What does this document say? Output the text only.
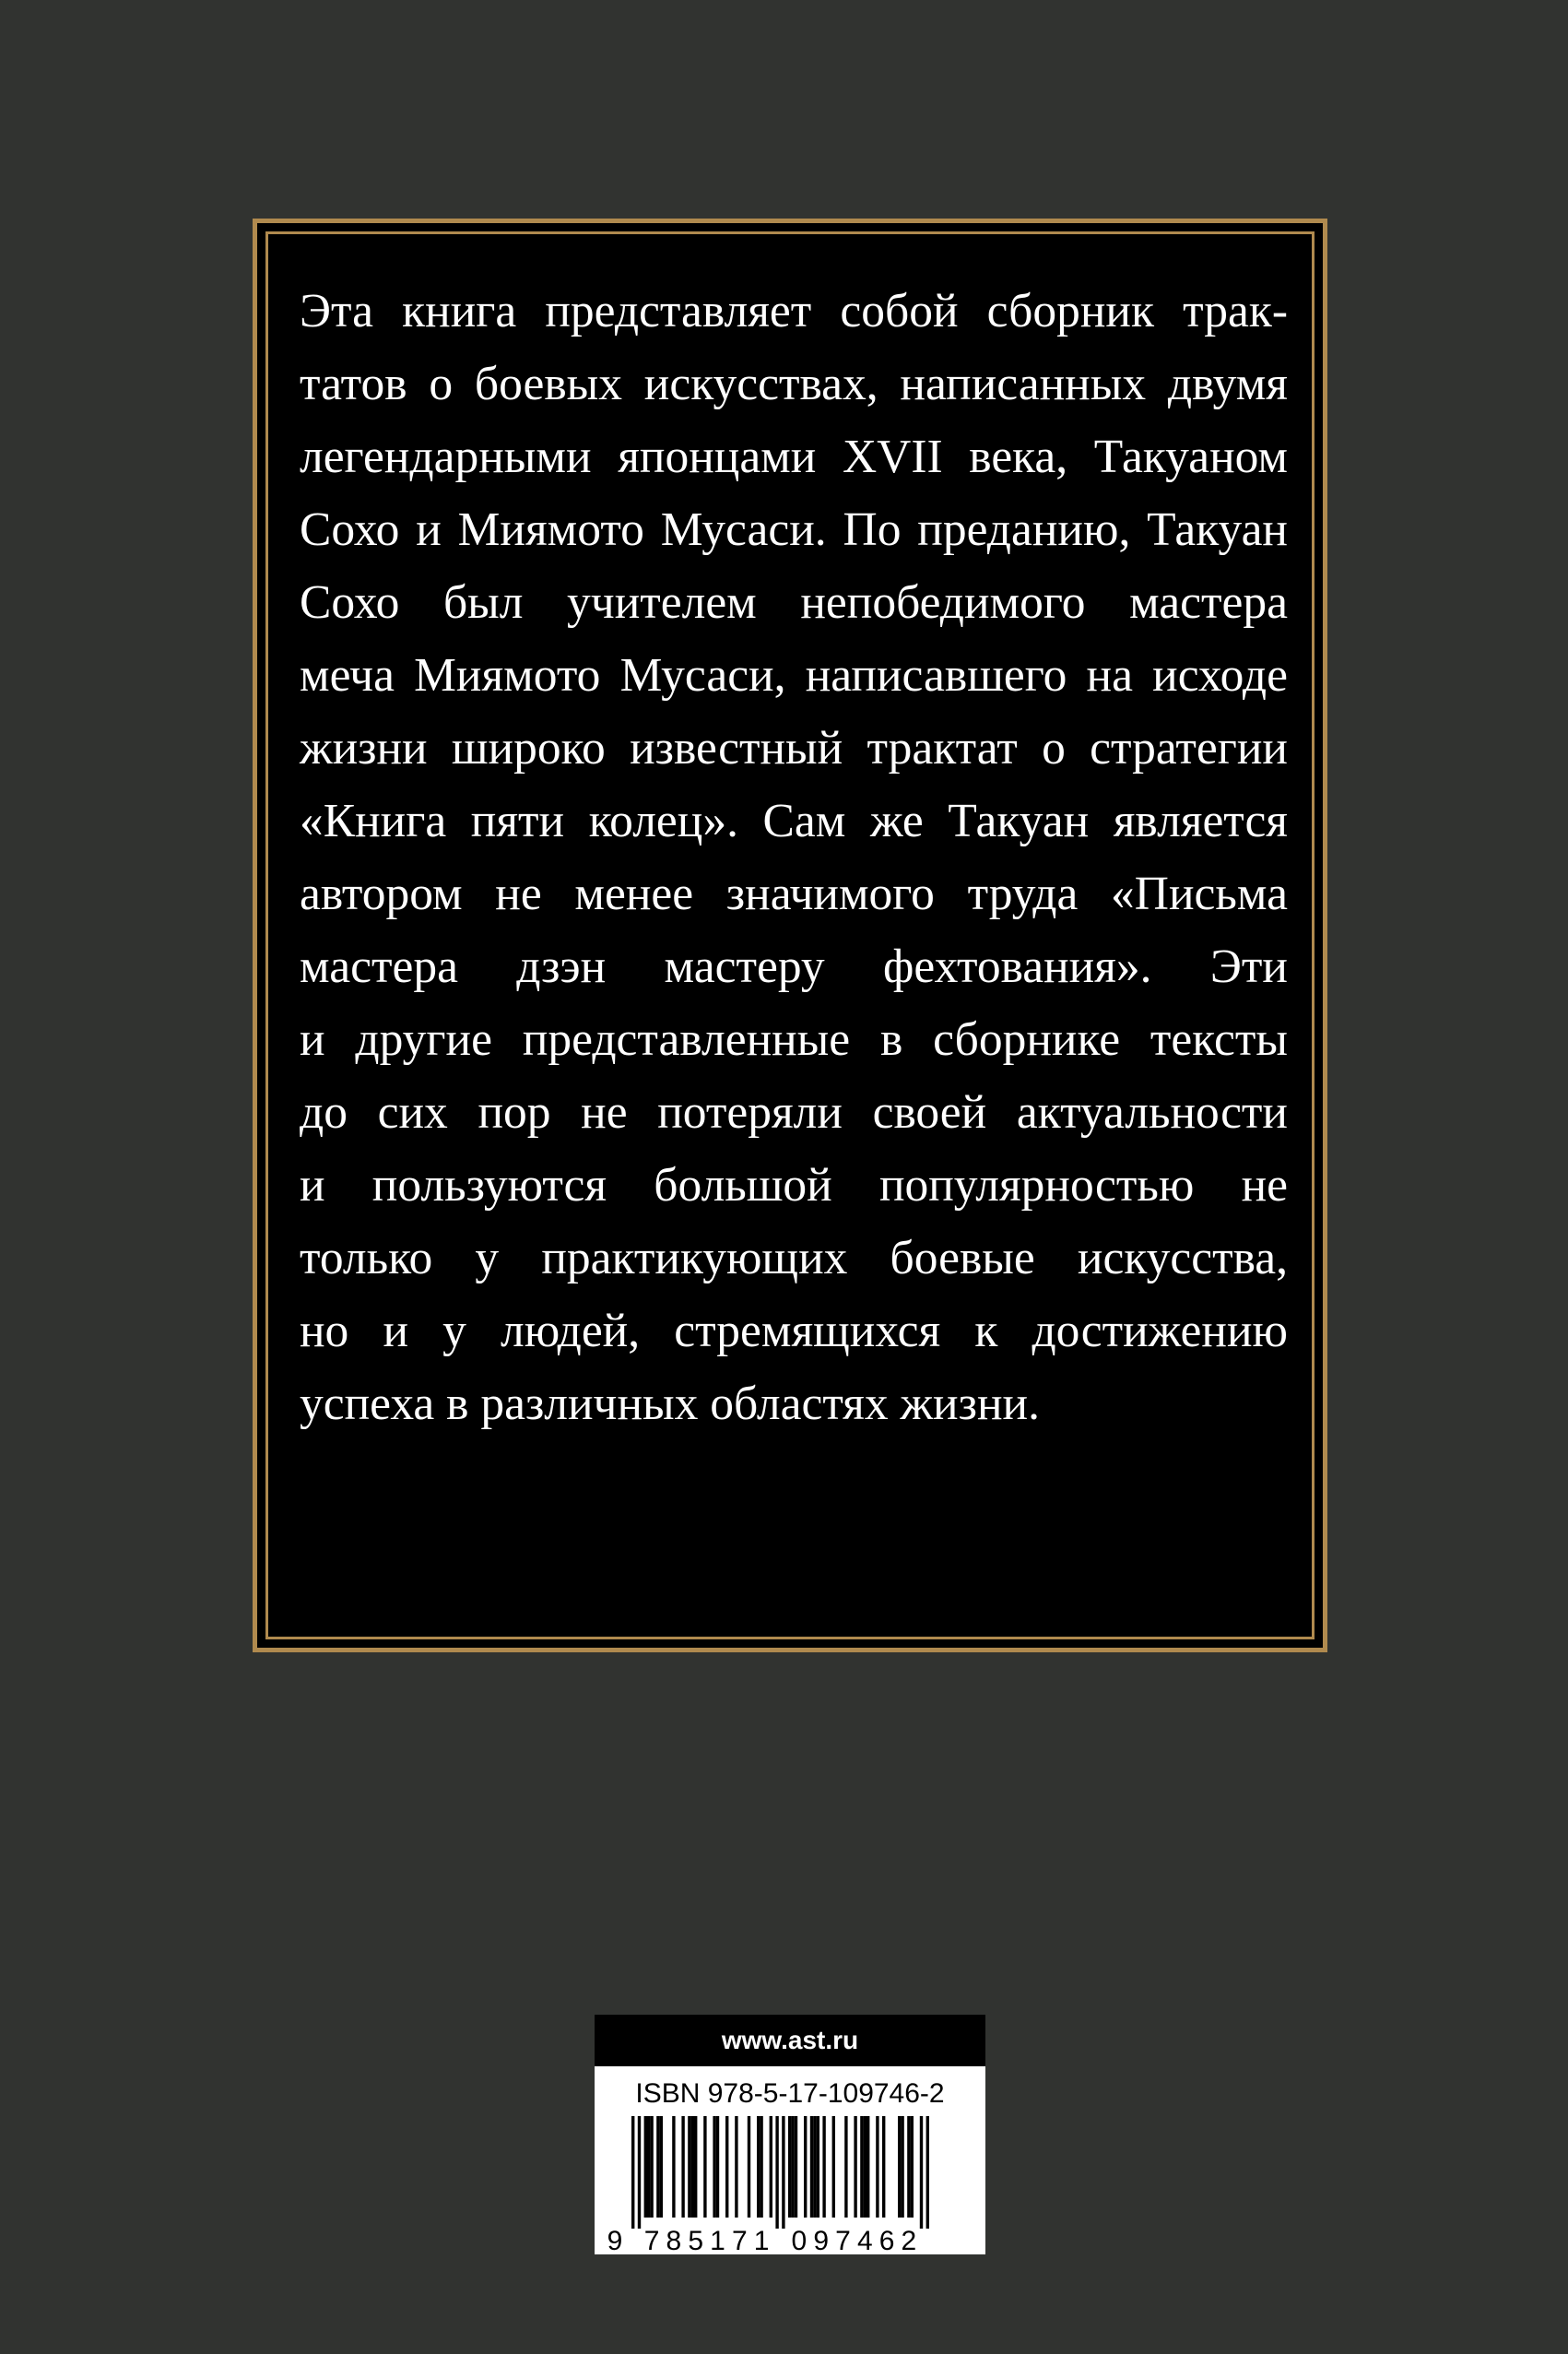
Эта книга представляет собой сборник трак-
татов о боевых искусствах, написанных двумя
легендарными японцами XVII века, Такуаном
Сохо и Миямото Мусаси. По преданию, Такуан
Сохо был учителем непобедимого мастера
меча Миямото Мусаси, написавшего на исходе
жизни широко известный трактат о стратегии
«Книга пяти колец». Сам же Такуан является
автором не менее значимого труда «Письма
мастера дзэн мастеру фехтования». Эти
и другие представленные в сборнике тексты
до сих пор не потеряли своей актуальности
и пользуются большой популярностью не
только у практикующих боевые искусства,
но и у людей, стремящихся к достижению
успеха в различных областях жизни.
www.ast.ru
ISBN 978-5-17-109746-2
9 7 8 5 1 7 1 0 9 7 4 6 2
